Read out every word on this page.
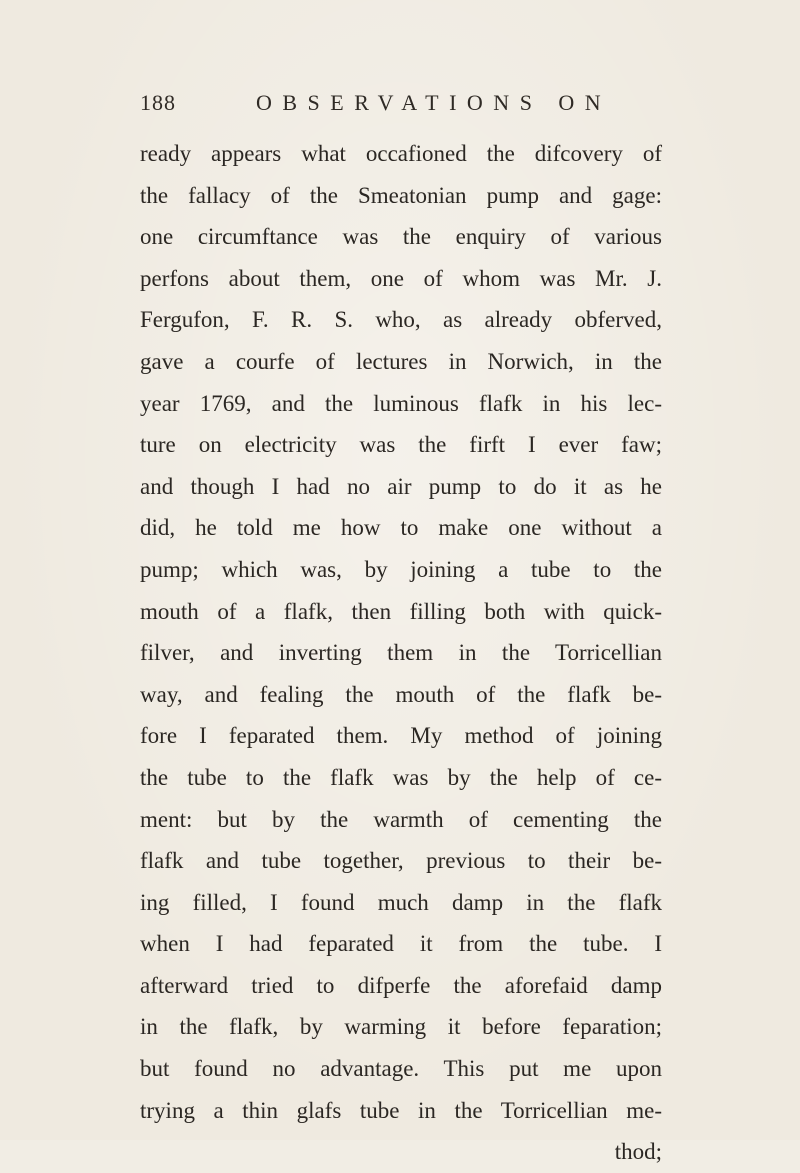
188	OBSERVATIONS ON
ready appears what occafioned the difcovery of
the fallacy of the Smeatonian pump and gage:
one circumftance was the enquiry of various
perfons about them, one of whom was Mr. J.
Fergufon, F. R. S. who, as already obferved,
gave a courfe of lectures in Norwich, in the
year 1769, and the luminous flafk in his lec-
ture on electricity was the firft I ever faw;
and though I had no air pump to do it as he
did, he told me how to make one without a
pump; which was, by joining a tube to the
mouth of a flafk, then filling both with quick-
filver, and inverting them in the Torricellian
way, and fealing the mouth of the flafk be-
fore I feparated them. My method of joining
the tube to the flafk was by the help of ce-
ment: but by the warmth of cementing the
flafk and tube together, previous to their be-
ing filled, I found much damp in the flafk
when I had feparated it from the tube. I
afterward tried to difperfe the aforefaid damp
in the flafk, by warming it before feparation;
but found no advantage. This put me upon
trying a thin glafs tube in the Torricellian me-
thod;
